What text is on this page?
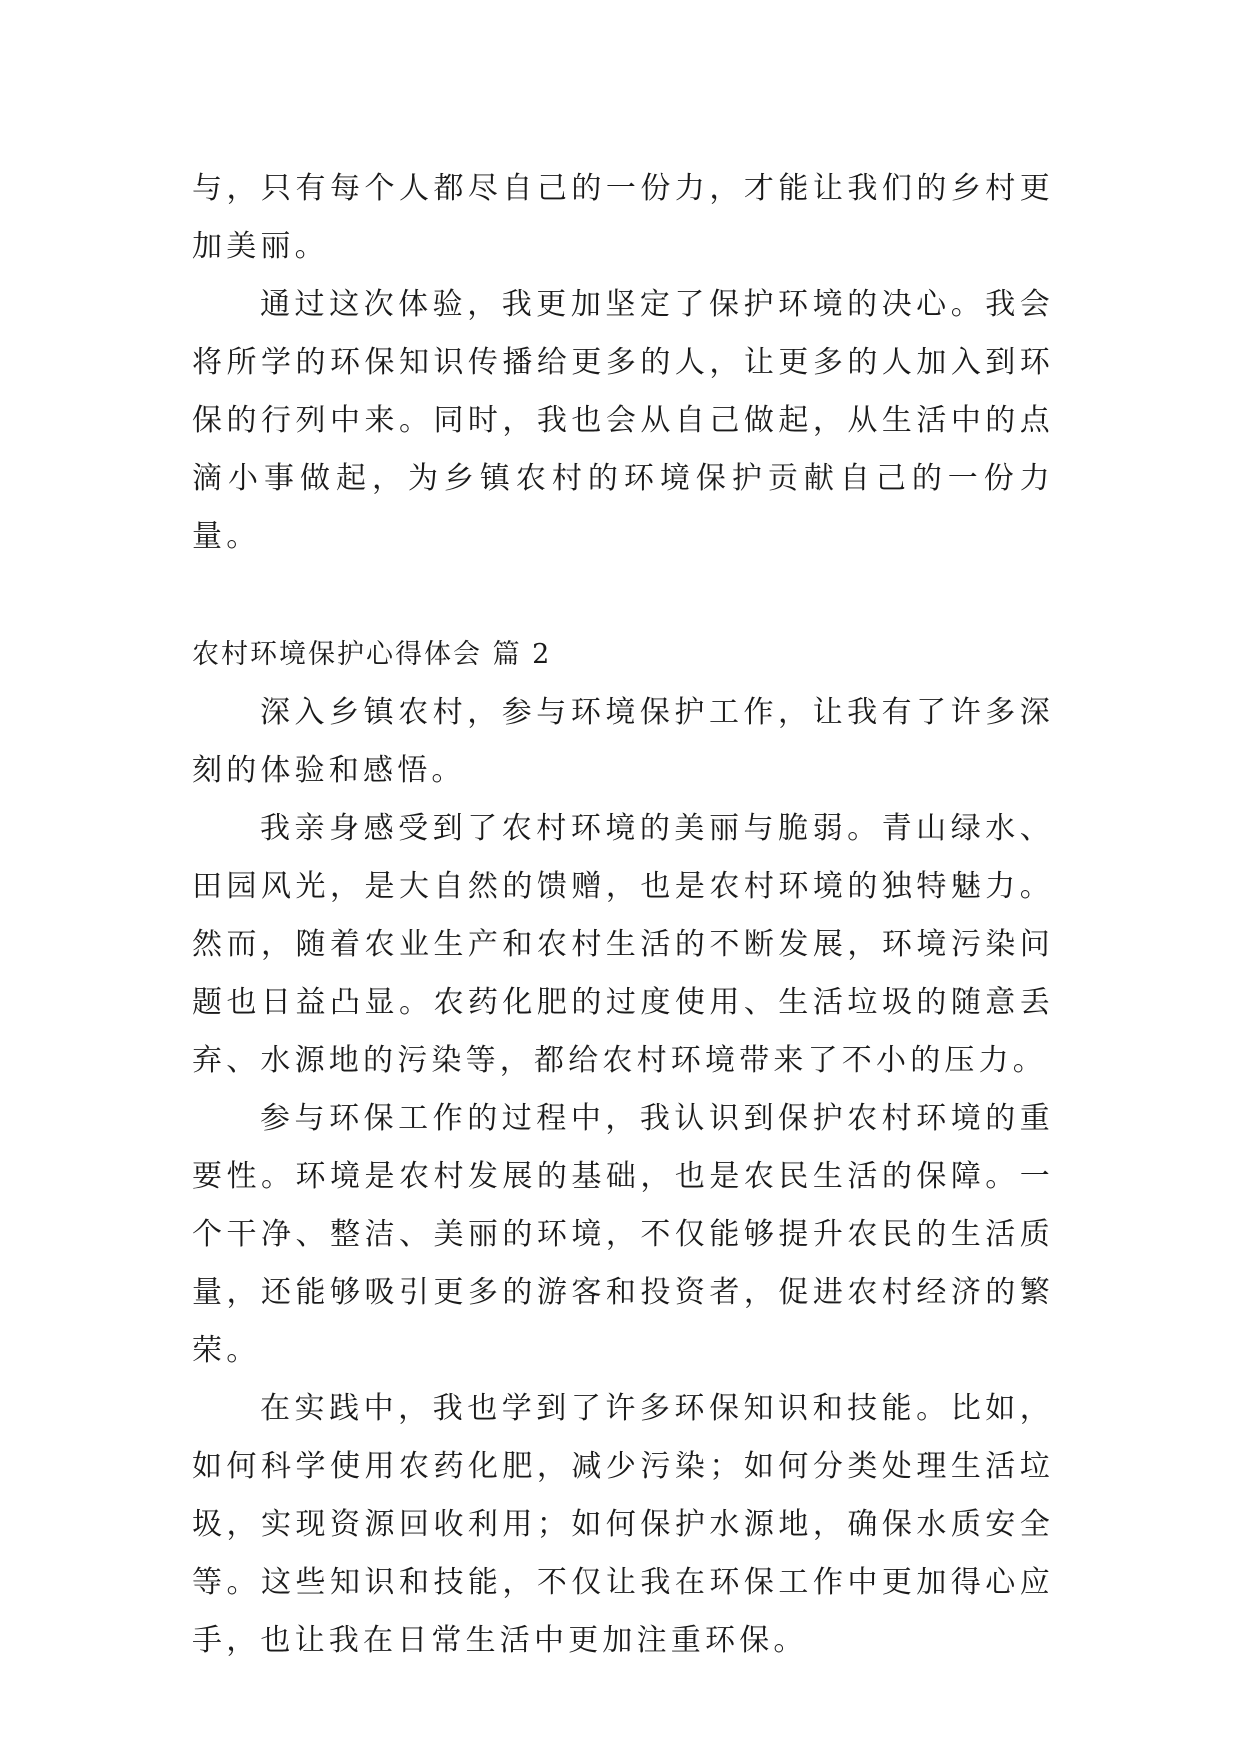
与，只有每个人都尽自己的一份力，才能让我们的乡村更加美丽。

通过这次体验，我更加坚定了保护环境的决心。我会将所学的环保知识传播给更多的人，让更多的人加入到环保的行列中来。同时，我也会从自己做起，从生活中的点滴小事做起，为乡镇农村的环境保护贡献自己的一份力量。

农村环境保护心得体会 篇 2

深入乡镇农村，参与环境保护工作，让我有了许多深刻的体验和感悟。

我亲身感受到了农村环境的美丽与脆弱。青山绿水、田园风光，是大自然的馈赠，也是农村环境的独特魅力。然而，随着农业生产和农村生活的不断发展，环境污染问题也日益凸显。农药化肥的过度使用、生活垃圾的随意丢弃、水源地的污染等，都给农村环境带来了不小的压力。

参与环保工作的过程中，我认识到保护农村环境的重要性。环境是农村发展的基础，也是农民生活的保障。一个干净、整洁、美丽的环境，不仅能够提升农民的生活质量，还能够吸引更多的游客和投资者，促进农村经济的繁荣。

在实践中，我也学到了许多环保知识和技能。比如，如何科学使用农药化肥，减少污染；如何分类处理生活垃圾，实现资源回收利用；如何保护水源地，确保水质安全等。这些知识和技能，不仅让我在环保工作中更加得心应手，也让我在日常生活中更加注重环保。
